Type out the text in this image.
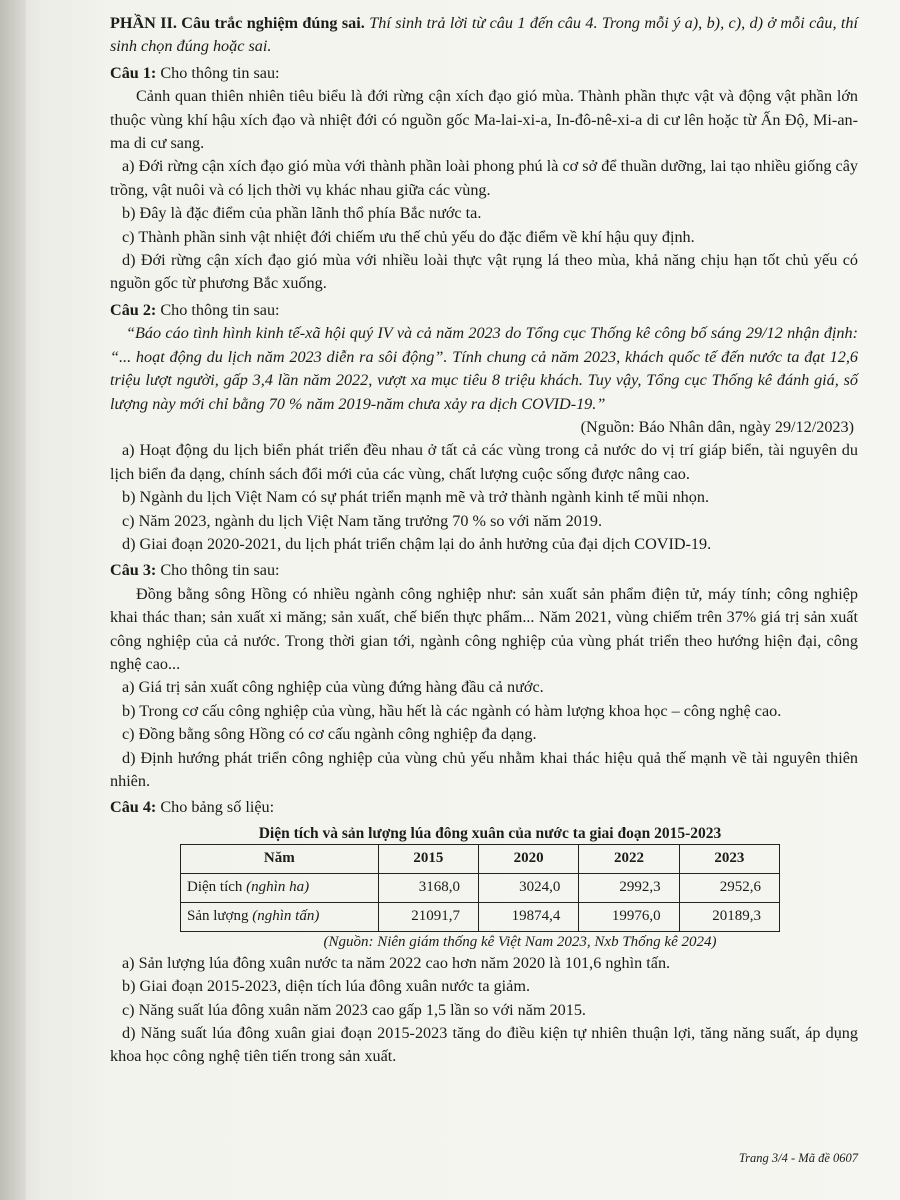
PHẦN II. Câu trắc nghiệm đúng sai. Thí sinh trả lời từ câu 1 đến câu 4. Trong mỗi ý a), b), c), d) ở mỗi câu, thí sinh chọn đúng hoặc sai.

Câu 1: Cho thông tin sau:

Cảnh quan thiên nhiên tiêu biểu là đới rừng cận xích đạo gió mùa. Thành phần thực vật và động vật phần lớn thuộc vùng khí hậu xích đạo và nhiệt đới có nguồn gốc Ma-lai-xi-a, In-đô-nê-xi-a di cư lên hoặc từ Ấn Độ, Mi-an-ma di cư sang.

a) Đới rừng cận xích đạo gió mùa với thành phần loài phong phú là cơ sở để thuần dưỡng, lai tạo nhiều giống cây trồng, vật nuôi và có lịch thời vụ khác nhau giữa các vùng.

b) Đây là đặc điểm của phần lãnh thổ phía Bắc nước ta.

c) Thành phần sinh vật nhiệt đới chiếm ưu thế chủ yếu do đặc điểm về khí hậu quy định.

d) Đới rừng cận xích đạo gió mùa với nhiều loài thực vật rụng lá theo mùa, khả năng chịu hạn tốt chủ yếu có nguồn gốc từ phương Bắc xuống.

Câu 2: Cho thông tin sau:

“Báo cáo tình hình kinh tế-xã hội quý IV và cả năm 2023 do Tổng cục Thống kê công bố sáng 29/12 nhận định: “... hoạt động du lịch năm 2023 diễn ra sôi động”. Tính chung cả năm 2023, khách quốc tế đến nước ta đạt 12,6 triệu lượt người, gấp 3,4 lần năm 2022, vượt xa mục tiêu 8 triệu khách. Tuy vậy, Tổng cục Thống kê đánh giá, số lượng này mới chỉ bằng 70 % năm 2019-năm chưa xảy ra dịch COVID-19.”

(Nguồn: Báo Nhân dân, ngày 29/12/2023)

a) Hoạt động du lịch biển phát triển đều nhau ở tất cả các vùng trong cả nước do vị trí giáp biển, tài nguyên du lịch biển đa dạng, chính sách đổi mới của các vùng, chất lượng cuộc sống được nâng cao.

b) Ngành du lịch Việt Nam có sự phát triển mạnh mẽ và trở thành ngành kinh tế mũi nhọn.

c) Năm 2023, ngành du lịch Việt Nam tăng trưởng 70 % so với năm 2019.

d) Giai đoạn 2020-2021, du lịch phát triển chậm lại do ảnh hưởng của đại dịch COVID-19.

Câu 3: Cho thông tin sau:

Đồng bằng sông Hồng có nhiều ngành công nghiệp như: sản xuất sản phẩm điện tử, máy tính; công nghiệp khai thác than; sản xuất xi măng; sản xuất, chế biến thực phẩm... Năm 2021, vùng chiếm trên 37% giá trị sản xuất công nghiệp của cả nước. Trong thời gian tới, ngành công nghiệp của vùng phát triển theo hướng hiện đại, công nghệ cao...

a) Giá trị sản xuất công nghiệp của vùng đứng hàng đầu cả nước.

b) Trong cơ cấu công nghiệp của vùng, hầu hết là các ngành có hàm lượng khoa học – công nghệ cao.

c) Đồng bằng sông Hồng có cơ cấu ngành công nghiệp đa dạng.

d) Định hướng phát triển công nghiệp của vùng chủ yếu nhằm khai thác hiệu quả thế mạnh về tài nguyên thiên nhiên.

Câu 4: Cho bảng số liệu:

Diện tích và sản lượng lúa đông xuân của nước ta giai đoạn 2015-2023
Năm	2015	2020	2022	2023
Diện tích (nghìn ha)	3168,0	3024,0	2992,3	2952,6
Sản lượng (nghìn tấn)	21091,7	19874,4	19976,0	20189,3
(Nguồn: Niên giám thống kê Việt Nam 2023, Nxb Thống kê 2024)

a) Sản lượng lúa đông xuân nước ta năm 2022 cao hơn năm 2020 là 101,6 nghìn tấn.

b) Giai đoạn 2015-2023, diện tích lúa đông xuân nước ta giảm.

c) Năng suất lúa đông xuân năm 2023 cao gấp 1,5 lần so với năm 2015.

d) Năng suất lúa đông xuân giai đoạn 2015-2023 tăng do điều kiện tự nhiên thuận lợi, tăng năng suất, áp dụng khoa học công nghệ tiên tiến trong sản xuất.

Trang 3/4 - Mã đề 0607
